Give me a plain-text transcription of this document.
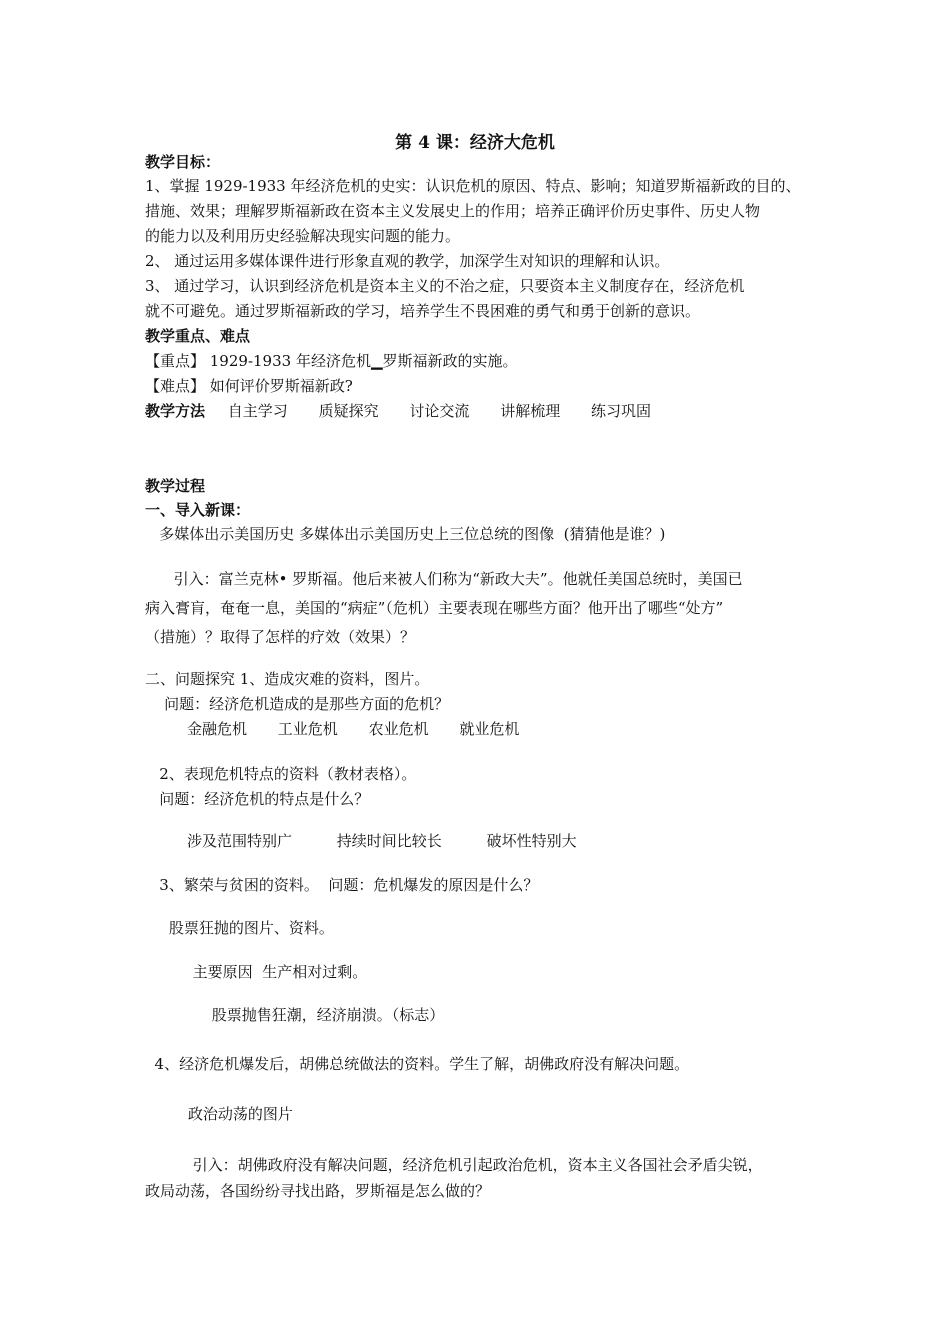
第 4 课：经济大危机
教学目标：
1、掌握 1929-1933 年经济危机的史实：认识危机的原因、特点、影响；知道罗斯福新政的目的、
措施、效果；理解罗斯福新政在资本主义发展史上的作用；培养正确评价历史事件、历史人物
的能力以及利用历史经验解决现实问题的能力。
2、 通过运用多媒体课件进行形象直观的教学，加深学生对知识的理解和认识。
3、 通过学习，认识到经济危机是资本主义的不治之症，只要资本主义制度存在，经济危机
就不可避免。通过罗斯福新政的学习，培养学生不畏困难的勇气和勇于创新的意识。
教学重点、难点
【重点】 1929-1933 年经济危机▁罗斯福新政的实施。
【难点】 如何评价罗斯福新政?
教学方法 自主学习 质疑探究 讨论交流 讲解梳理 练习巩固
教学过程
一、导入新课：
多媒体出示美国历史 多媒体出示美国历史上三位总统的图像  (猜猜他是谁？)
引入：富兰克林• 罗斯福。他后来被人们称为“新政大夫”。他就任美国总统时，美国已
病入膏肓，奄奄一息，美国的“病症”（危机）主要表现在哪些方面？他开出了哪些“处方”
（措施）？取得了怎样的疗效（效果）？
二、问题探究 1、造成灾难的资料，图片。
问题：经济危机造成的是那些方面的危机？
金融危机 工业危机 农业危机 就业危机
2、表现危机特点的资料（教材表格）。
问题：经济危机的特点是什么？
涉及范围特别广	持续时间比较长	破坏性特别大
3、繁荣与贫困的资料。  问题：危机爆发的原因是什么？
股票狂抛的图片、资料。
主要原因  生产相对过剩。
股票抛售狂潮，经济崩溃。（标志）
4、经济危机爆发后，胡佛总统做法的资料。学生了解，胡佛政府没有解决问题。
政治动荡的图片
引入：胡佛政府没有解决问题，经济危机引起政治危机，资本主义各国社会矛盾尖锐，
政局动荡，各国纷纷寻找出路，罗斯福是怎么做的？
